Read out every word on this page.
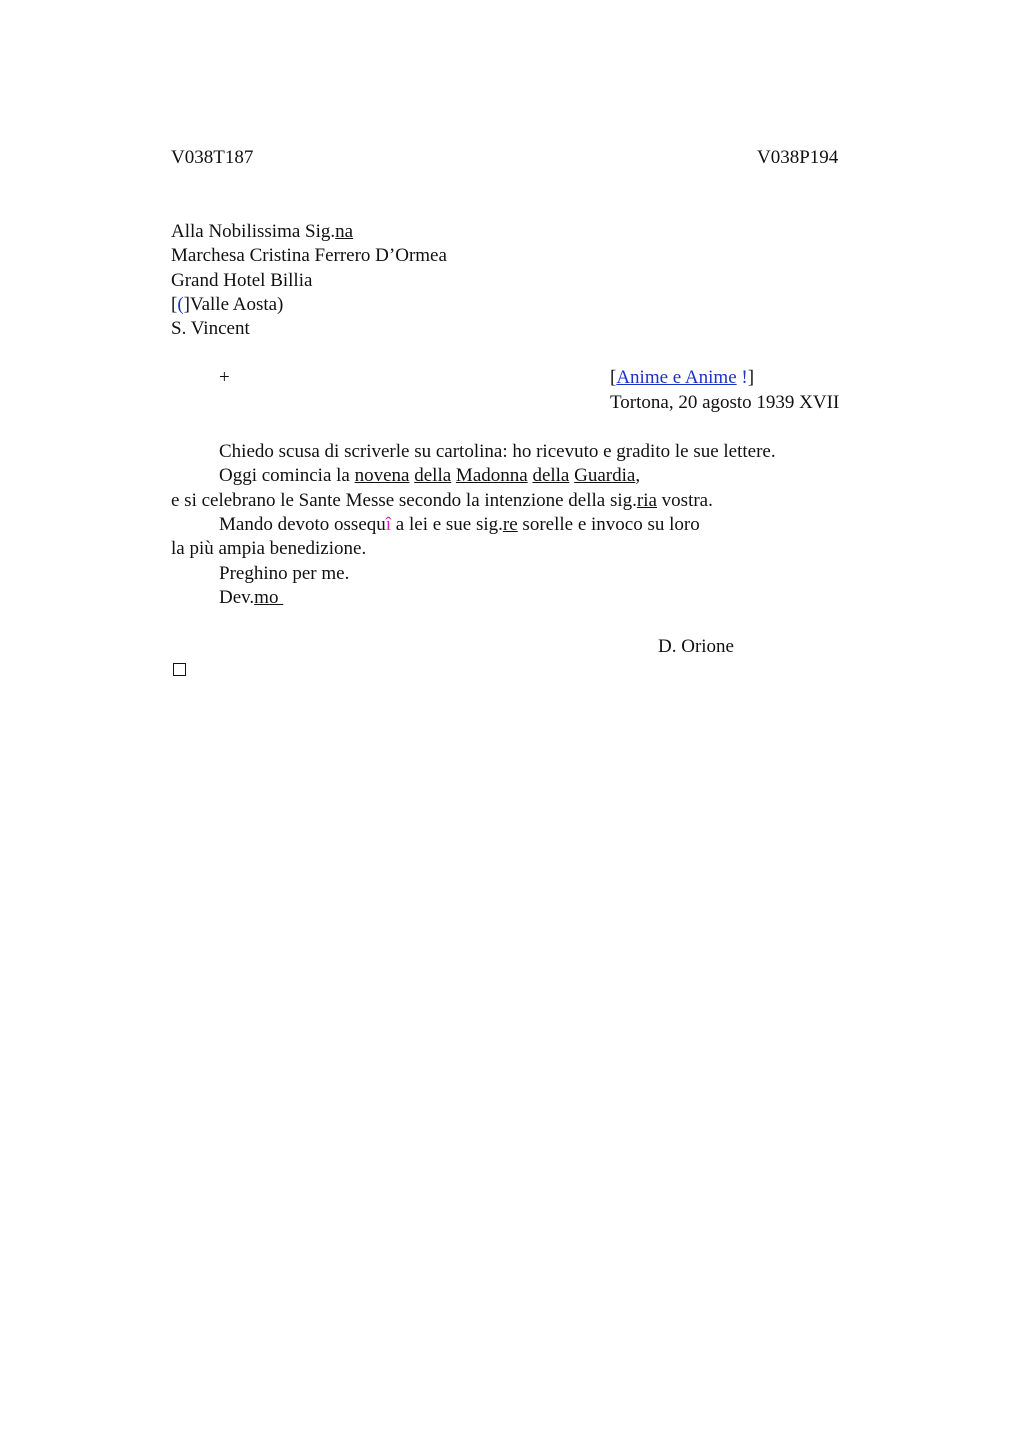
V038T187	V038P194
Alla Nobilissima Sig.na
Marchesa Cristina Ferrero D’Ormea
Grand Hotel Billia
[(]Valle Aosta)
S. Vincent
+	[Anime e Anime !]
Tortona, 20 agosto 1939 XVII
Chiedo scusa di scriverle su cartolina: ho ricevuto e gradito le sue lettere.
Oggi comincia la novena della Madonna della Guardia,
e si celebrano le Sante Messe secondo la intenzione della sig.ria vostra.
Mando devoto ossequî a lei e sue sig.re sorelle e invoco su loro
la più ampia benedizione.
Preghino per me.
Dev.mo
D. Orione
